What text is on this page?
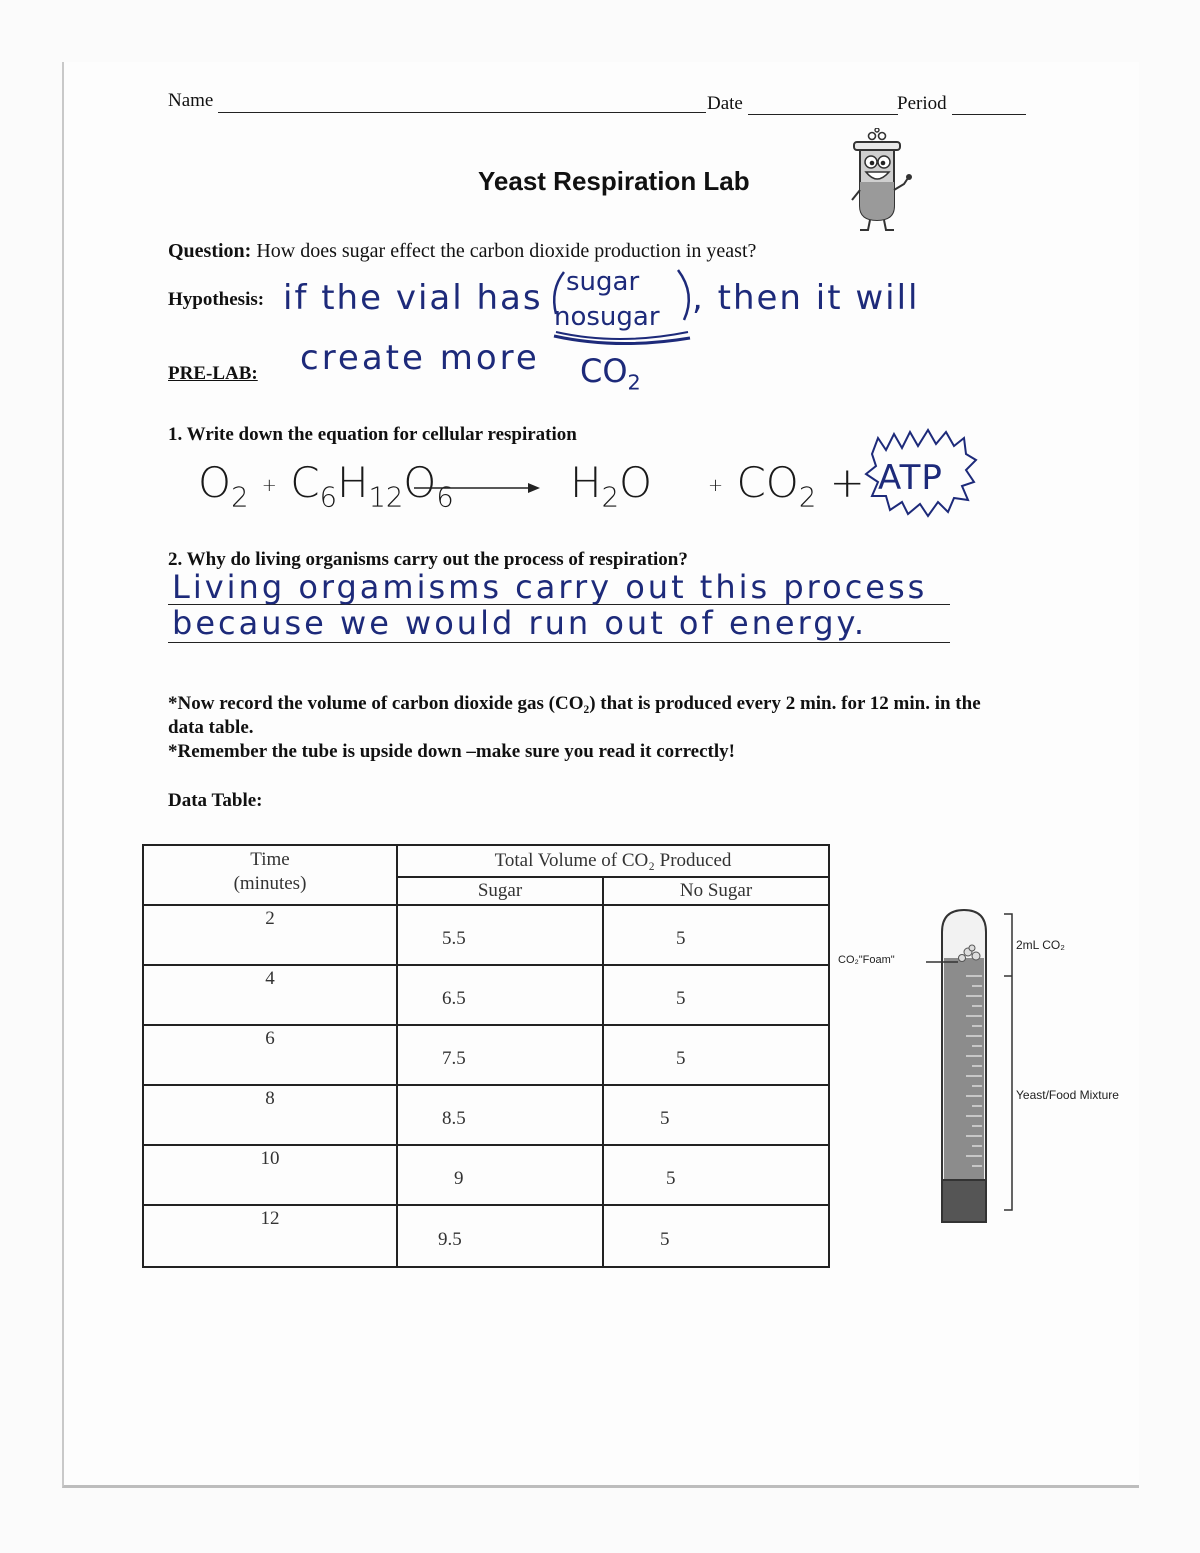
Name	Date	Period
Yeast Respiration Lab
Question: How does sugar effect the carbon dioxide production in yeast?
Hypothesis: if the vial has sugar
nosugar , then it will
PRE-LAB: create more $CO_2$
1. Write down the equation for cellular respiration
$O_2 + C_6H_{12}O_6$	$H_2O$	+ $CO_2$ + ATP
2. Why do living organisms carry out the process of respiration?
Living orgamisms carry out this process
because we would run out of energy.
*Now record the volume of carbon dioxide gas (CO₂) that is produced every 2 min. for 12 min. in the
data table.
*Remember the tube is upside down –make sure you read it correctly!
Data Table:
Time
(minutes)	Total Volume of CO₂ Produced	
	Sugar	No Sugar
2	5.5	5
4	6.5	5
6	7.5	5
8	8.5	5
10	9	5
12	9.5	5
CO₂"Foam"
2mL CO₂
Yeast/Food Mixture
